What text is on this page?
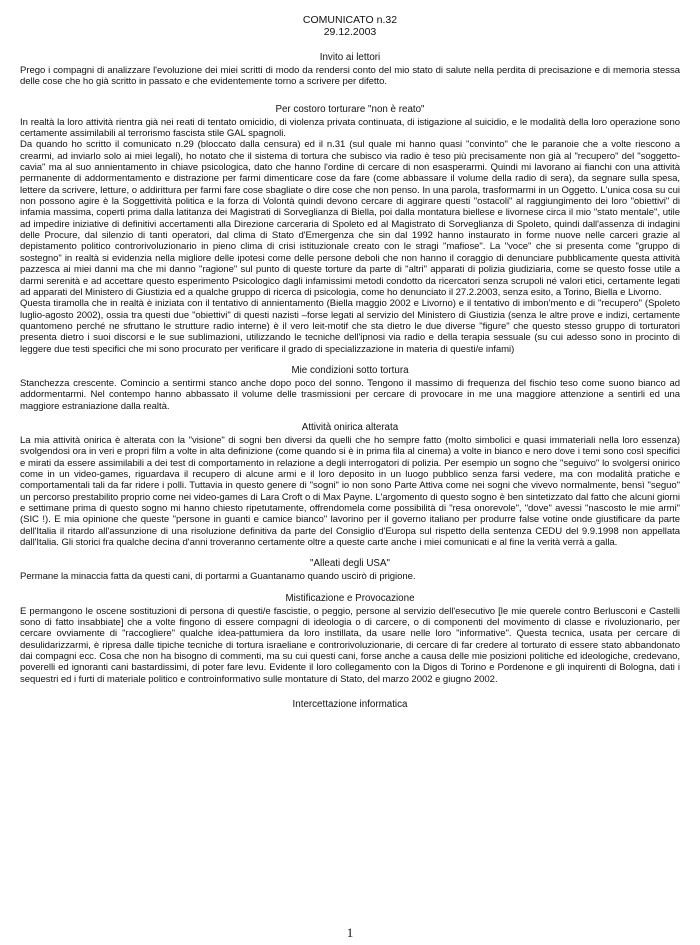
COMUNICATO n.32
29.12.2003
Invito ai lettori

Prego i compagni di analizzare l'evoluzione dei miei scritti di modo da rendersi conto del mio stato di salute nella perdita di precisazione e di memoria stessa delle cose che ho già scritto in passato e che evidentemente torno a scrivere per difetto.

Per costoro torturare "non è reato"

In realtà la loro attività rientra già nei reati di tentato omicidio, di violenza privata continuata, di istigazione al suicidio, e le modalità della loro operazione sono certamente assimilabili al terrorismo fascista stile GAL spagnoli.

Da quando ho scritto il comunicato n.29 (bloccato dalla censura) ed il n.31 (sul quale mi hanno quasi "convinto" che le paranoie che a volte riescono a crearmi, ad inviarlo solo ai miei legali), ho notato che il sistema di tortura che subisco via radio è teso più precisamente non già al "recupero" del "soggetto-cavia" ma al suo annientamento in chiave psicologica, dato che hanno l'ordine di cercare di non esasperarmi. Quindi mi lavorano ai fianchi con una attività permanente di addormentamento e distrazione per farmi dimenticare cose da fare (come abbassare il volume della radio di sera), da segnare sulla spesa, lettere da scrivere, letture, o addirittura per farmi fare cose sbagliate o dire cose che non penso. In una parola, trasformarmi in un Oggetto. L'unica cosa su cui non possono agire è la Soggettività politica e la forza di Volontà quindi devono cercare di aggirare questi "ostacoli" al raggiungimento dei loro "obiettivi" di infamia massima, coperti prima dalla latitanza dei Magistrati di Sorveglianza di Biella, poi dalla montatura biellese e livornese circa il mio "stato mentale", utile ad impedire iniziative di definitivi accertamenti alla Direzione carceraria di Spoleto ed al Magistrato di Sorveglianza di Spoleto, quindi dall'assenza di indagini delle Procure, dal silenzio di tanti operatori, dal clima di Stato d'Emergenza che sin dal 1992 hanno instaurato in forme nuove nelle carceri grazie al depistamento politico controrivoluzionario in pieno clima di crisi istituzionale creato con le stragi "mafiose". La "voce" che si presenta come "gruppo di sostegno" in realtà si evidenzia nella migliore delle ipotesi come delle persone deboli che non hanno il coraggio di denunciare pubblicamente questa attività pazzesca ai miei danni ma che mi danno "ragione" sul punto di queste torture da parte di "altri" apparati di polizia giudiziaria, come se questo fosse utile a darmi serenità e ad accettare questo esperimento Psicologico dagli infamissimi metodi condotto da ricercatori senza scrupoli né valori etici, certamente legati ad apparati del Ministero di Giustizia ed a qualche gruppo di ricerca di psicologia, come ho denunciato il 27.2.2003, senza esito, a Torino, Biella e Livorno.

Questa tiramolla che in realtà è iniziata con il tentativo di annientamento (Biella maggio 2002 e Livorno) e il tentativo di imbon'mento e di "recupero" (Spoleto luglio-agosto 2002), ossia tra questi due "obiettivi" di questi nazisti –forse legati al servizio del Ministero di Giustizia (senza le altre prove e indizi, certamente quantomeno perché ne sfruttano le strutture radio interne) è il vero leit-motif che sta dietro le due diverse "figure" che questo stesso gruppo di torturatori presenta dietro i suoi discorsi e le sue sublimazioni, utilizzando le tecniche dell'ipnosi via radio e della terapia sessuale (su cui adesso sono in procinto di leggere due testi specifici che mi sono procurato per verificare il grado di specializzazione in materia di questi/e infami)

Mie condizioni sotto tortura

Stanchezza crescente. Comincio a sentirmi stanco anche dopo poco del sonno. Tengono il massimo di frequenza del fischio teso come suono bianco ad addormentarmi. Nel contempo hanno abbassato il volume delle trasmissioni per cercare di provocare in me una maggiore attenzione a sentirli ed una maggiore estraniazione dalla realtà.

Attività onirica alterata

La mia attività onirica è alterata con la "visione" di sogni ben diversi da quelli che ho sempre fatto (molto simbolici e quasi immateriali nella loro essenza) svolgendosi ora in veri e propri film a volte in alta definizione (come quando si è in prima fila al cinema) a volte in bianco e nero dove i temi sono così specifici e mirati da essere assimilabili a dei test di comportamento in relazione a degli interrogatori di polizia. Per esempio un sogno che "seguivo" lo svolgersi onirico come in un video-games, riguardava il recupero di alcune armi e il loro deposito in un luogo pubblico senza farsi vedere, ma con modalità pratiche e comportamentali tali da far ridere i polli. Tuttavia in questo genere di "sogni" io non sono Parte Attiva come nei sogni che vivevo normalmente, bensì "seguo" un percorso prestabilito proprio come nei video-games di Lara Croft o di Max Payne. L'argomento di questo sogno è ben sintetizzato dal fatto che alcuni giorni e settimane prima di questo sogno mi hanno chiesto ripetutamente, offrendomela come possibilità di "resa onorevole", "dove" avessi "nascosto le mie armi" (SIC !). E mia opinione che queste "persone in guanti e camice bianco" lavorino per il governo italiano per produrre false votine onde giustificare da parte dell'Italia il ritardo all'assunzione di una risoluzione definitiva da parte del Consiglio d'Europa sul rispetto della sentenza CEDU del 9.9.1998 non appellata dall'Italia. Gli storici fra qualche decina d'anni troveranno certamente oltre a queste carte anche i miei comunicati e al fine la verità verrà a galla.

"Alleati degli USA"

Permane la minaccia fatta da questi cani, di portarmi a Guantanamo quando uscirò di prigione.

Mistificazione e Provocazione

E permangono le oscene sostituzioni di persona di questi/e fascistie, o peggio, persone al servizio dell'esecutivo [le mie querele contro Berlusconi e Castelli sono di fatto insabbiate] che a volte fingono di essere compagni di ideologia o di carcere, o di componenti del movimento di classe e rivoluzionario, per cercare ovviamente di "raccogliere" qualche idea-pattumiera da loro instillata, da usare nelle loro "informative". Questa tecnica, usata per cercare di desulidarizzarmi, è ripresa dalle tipiche tecniche di tortura israeliane e controrivoluzionarie, di cercare di far credere al torturato di essere stato abbandonato dai compagni ecc. Cosa che non ha bisogno di commenti, ma su cui questi cani, forse anche a causa delle mie posizioni politiche ed ideologiche, credevano, poverelli ed ignoranti cani bastardissimi, di poter fare levu. Evidente il loro collegamento con la Digos di Torino e Pordenone e gli inquirenti di Bologna, dati i sequestri ed i furti di materiale politico e controinformativo sulle montature di Stato, del marzo 2002 e giugno 2002.

Intercettazione informatica
1
